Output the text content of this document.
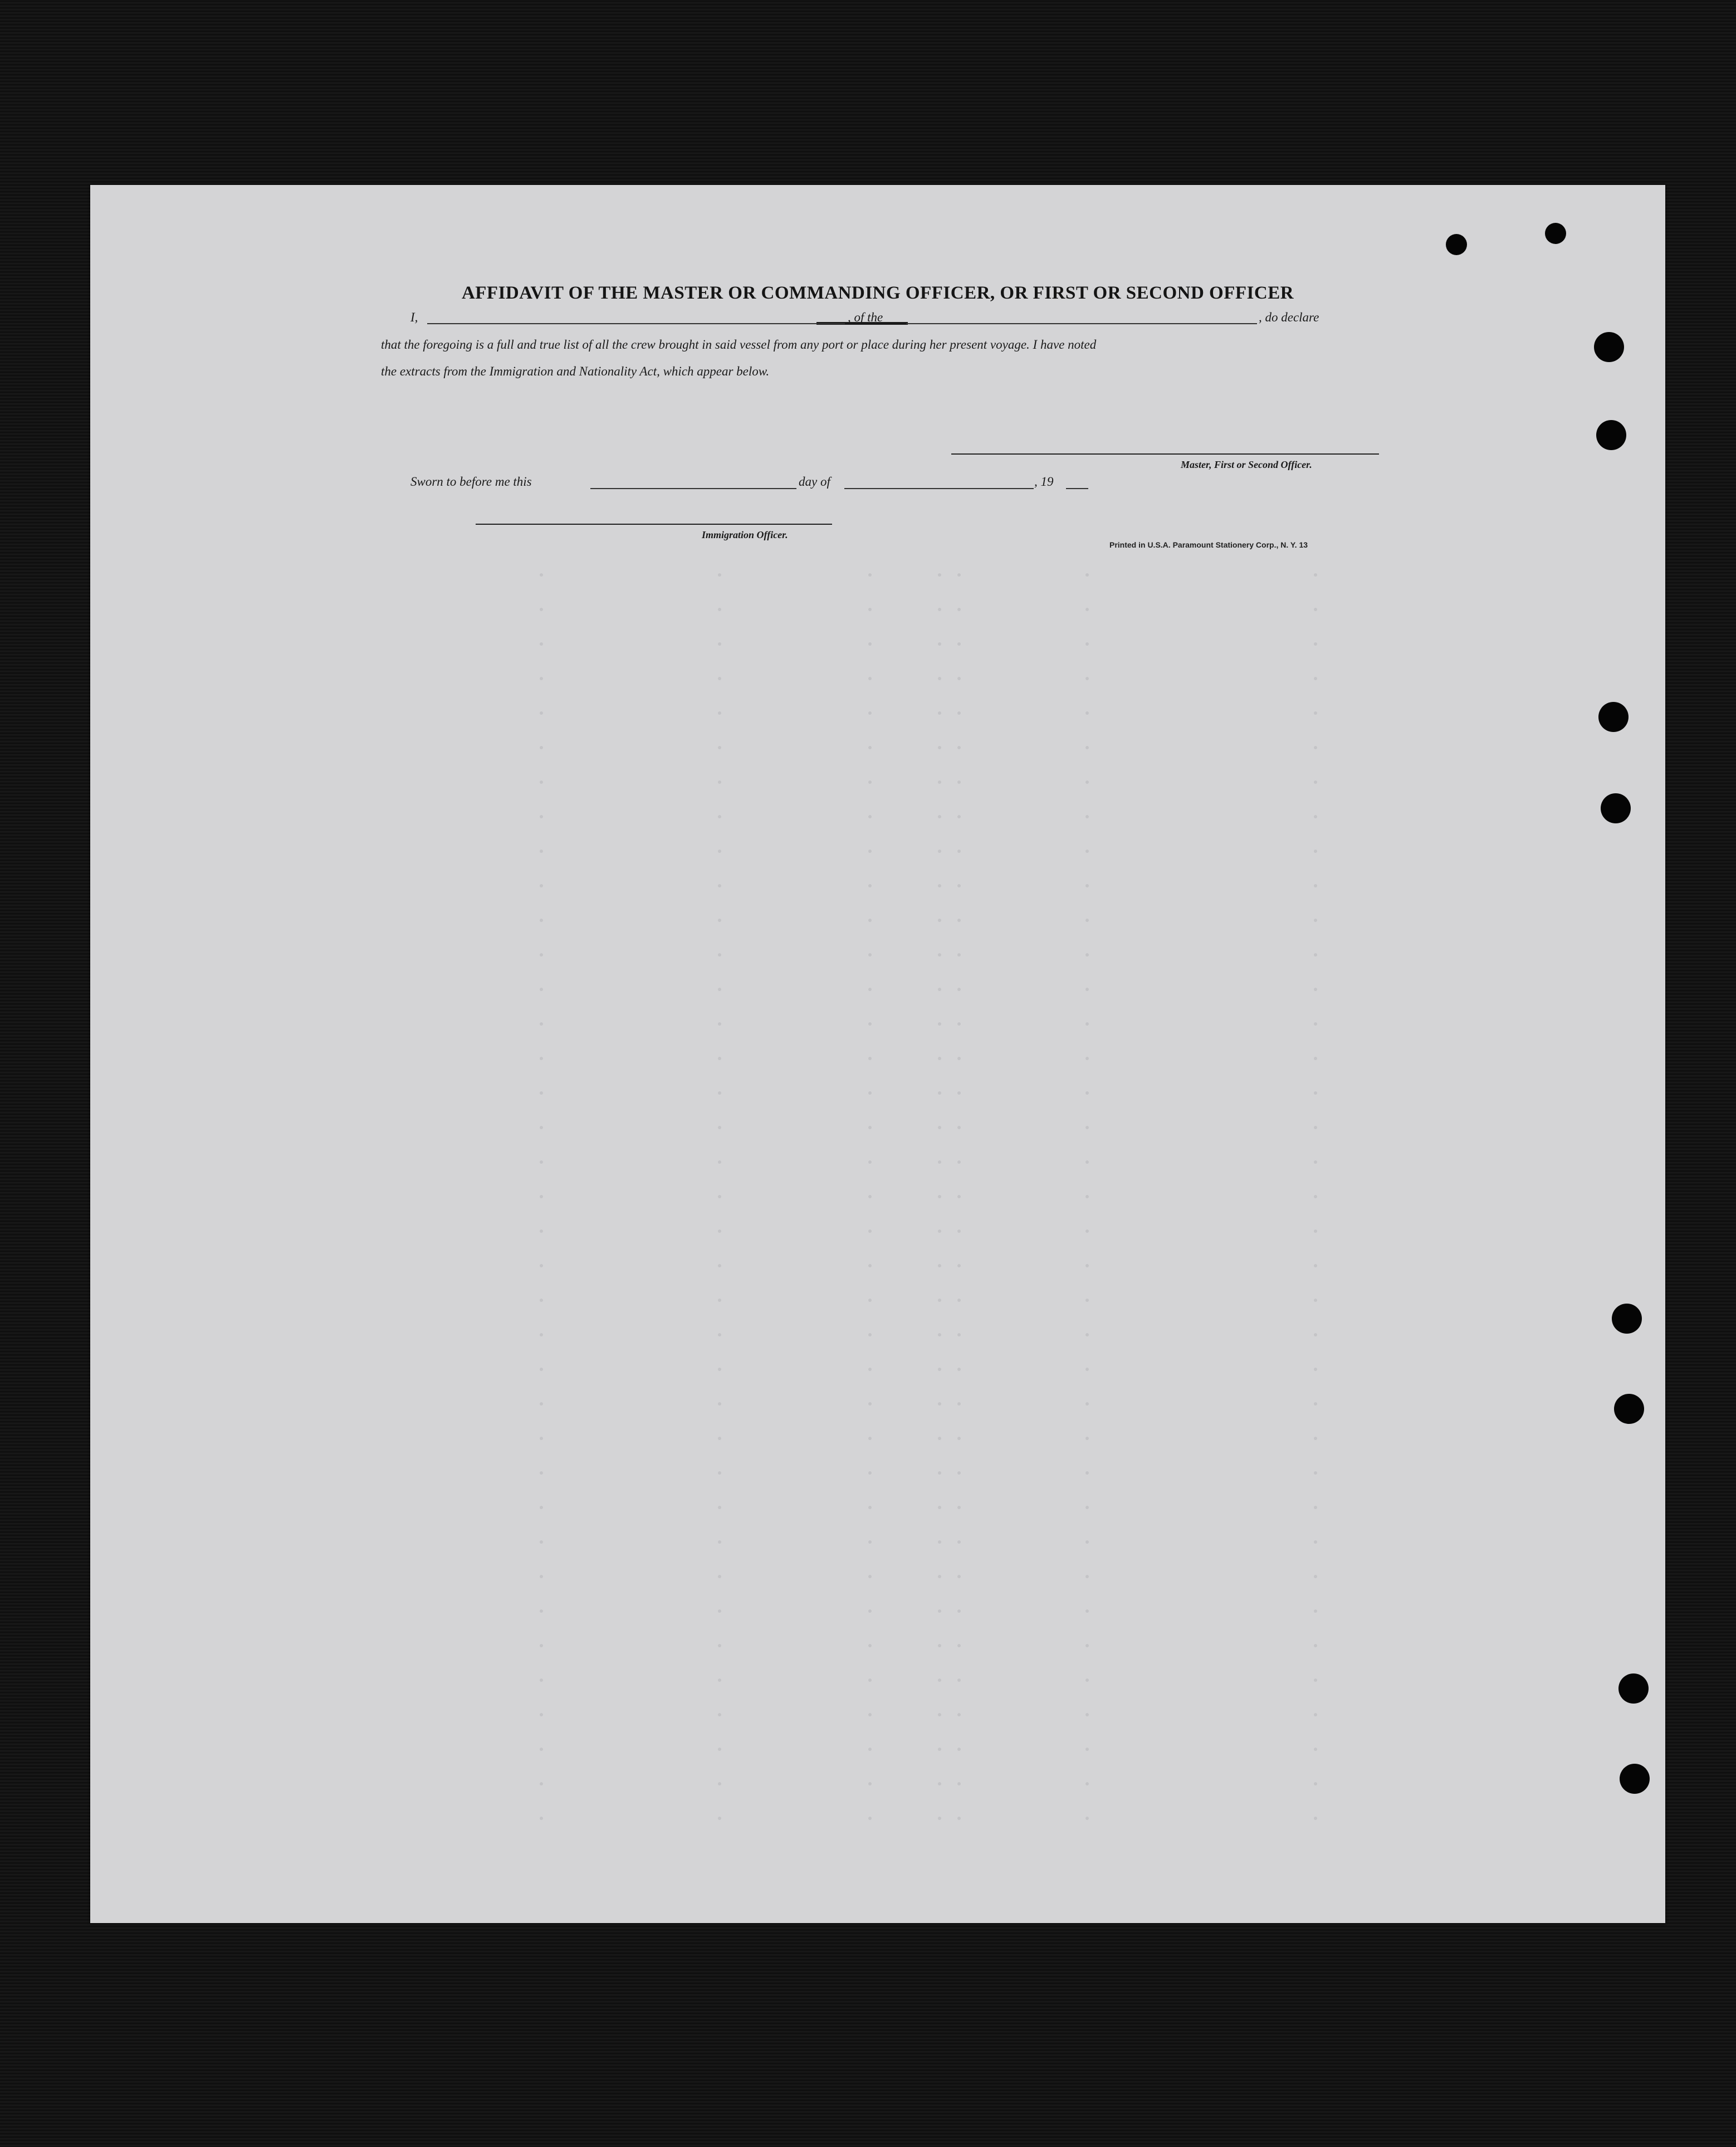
AFFIDAVIT OF THE MASTER OR COMMANDING OFFICER, OR FIRST OR SECOND OFFICER
I,	, of the	, do declare
that the foregoing is a full and true list of all the crew brought in said vessel from any port or place during her present voyage. I have noted
the extracts from the Immigration and Nationality Act, which appear below.
Master, First or Second Officer.
Sworn to before me this	day of	, 19
Immigration Officer.
Printed in U.S.A. Paramount Stationery Corp., N. Y. 13
